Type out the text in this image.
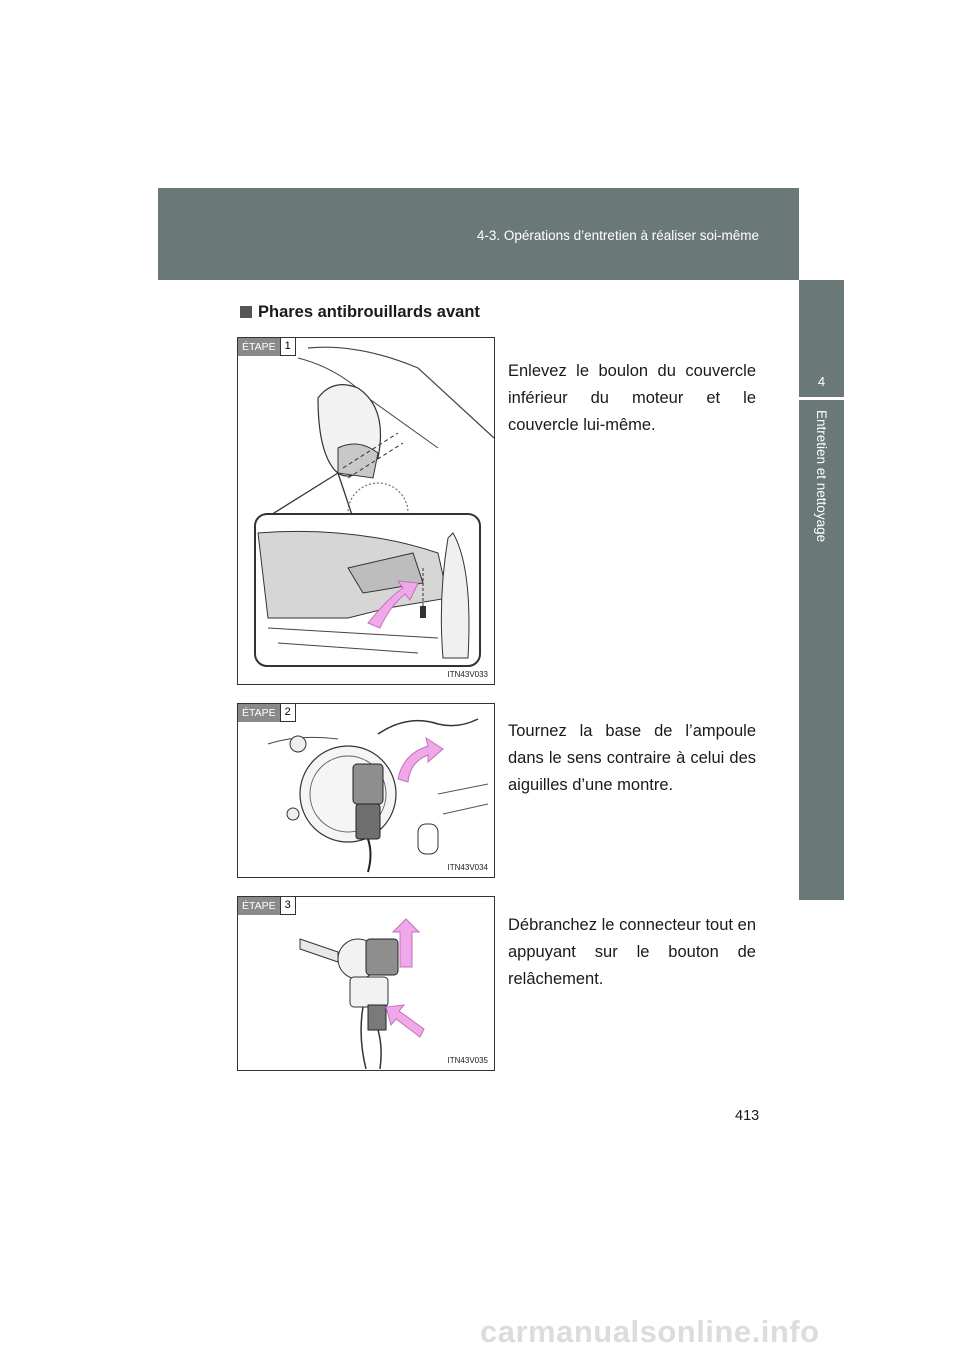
4-3. Opérations d’entretien à réaliser soi-même
4
Entretien et nettoyage
Phares antibrouillards avant
ÉTAPE 1
ITN43V033
Enlevez le boulon du couvercle inférieur du moteur et le couvercle lui-même.
ÉTAPE 2
ITN43V034
Tournez la base de l’ampoule dans le sens contraire à celui des aiguilles d’une montre.
ÉTAPE 3
ITN43V035
Débranchez le connecteur tout en appuyant sur le bouton de relâchement.
413
carmanualsonline.info
